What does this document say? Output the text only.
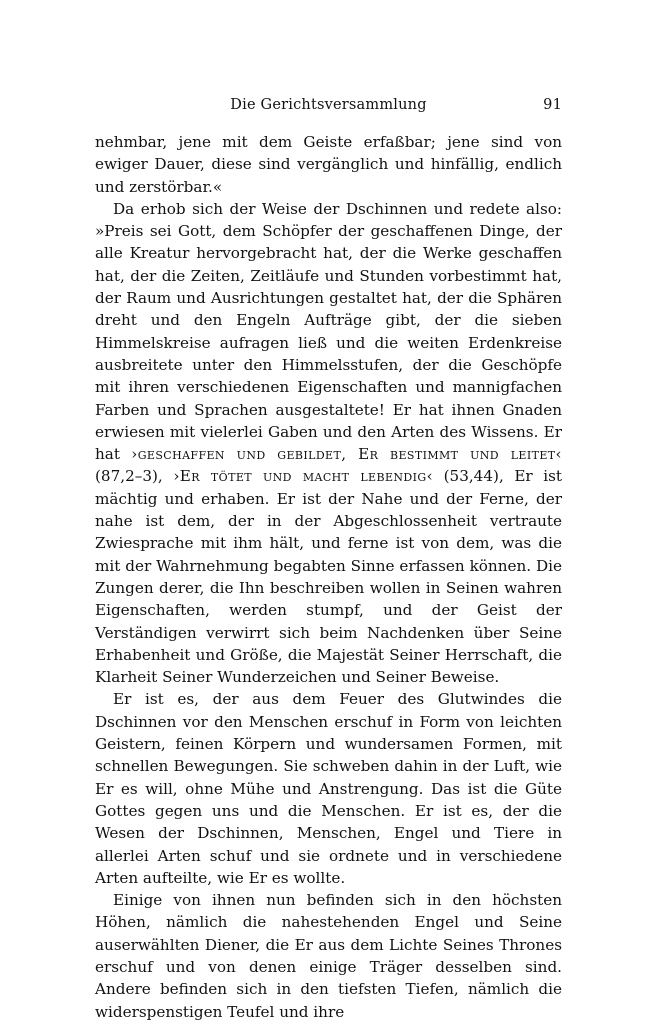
Die Gerichtsversammlung	91

nehmbar, jene mit dem Geiste erfaßbar; jene sind von ewiger Dauer, diese sind vergänglich und hinfällig, endlich und zerstörbar.«

Da erhob sich der Weise der Dschinnen und redete also: »Preis sei Gott, dem Schöpfer der geschaffenen Dinge, der alle Kreatur hervorgebracht hat, der die Werke geschaffen hat, der die Zeiten, Zeitläufe und Stunden vorbestimmt hat, der Raum und Ausrichtungen gestaltet hat, der die Sphären dreht und den Engeln Aufträge gibt, der die sieben Himmelskreise aufragen ließ und die weiten Erdenkreise ausbreitete unter den Himmelsstufen, der die Geschöpfe mit ihren verschiedenen Eigenschaften und mannigfachen Farben und Sprachen ausgestaltete! Er hat ihnen Gnaden erwiesen mit vielerlei Gaben und den Arten des Wissens. Er hat ›geschaffen und gebildet, Er bestimmt und leitet‹ (87,2–3), ›Er tötet und macht lebendig‹ (53,44), Er ist mächtig und erhaben. Er ist der Nahe und der Ferne, der nahe ist dem, der in der Abgeschlossenheit vertraute Zwiesprache mit ihm hält, und ferne ist von dem, was die mit der Wahrnehmung begabten Sinne erfassen können. Die Zungen derer, die Ihn beschreiben wollen in Seinen wahren Eigenschaften, werden stumpf, und der Geist der Verständigen verwirrt sich beim Nachdenken über Seine Erhabenheit und Größe, die Majestät Seiner Herrschaft, die Klarheit Seiner Wunderzeichen und Seiner Beweise.

Er ist es, der aus dem Feuer des Glutwindes die Dschinnen vor den Menschen erschuf in Form von leichten Geistern, feinen Körpern und wundersamen Formen, mit schnellen Bewegungen. Sie schweben dahin in der Luft, wie Er es will, ohne Mühe und Anstrengung. Das ist die Güte Gottes gegen uns und die Menschen. Er ist es, der die Wesen der Dschinnen, Menschen, Engel und Tiere in allerlei Arten schuf und sie ordnete und in verschiedene Arten aufteilte, wie Er es wollte.

Einige von ihnen nun befinden sich in den höchsten Höhen, nämlich die nahestehenden Engel und Seine auserwählten Diener, die Er aus dem Lichte Seines Thrones erschuf und von denen einige Träger desselben sind. Andere befinden sich in den tiefsten Tiefen, nämlich die widerspenstigen Teufel und ihre
